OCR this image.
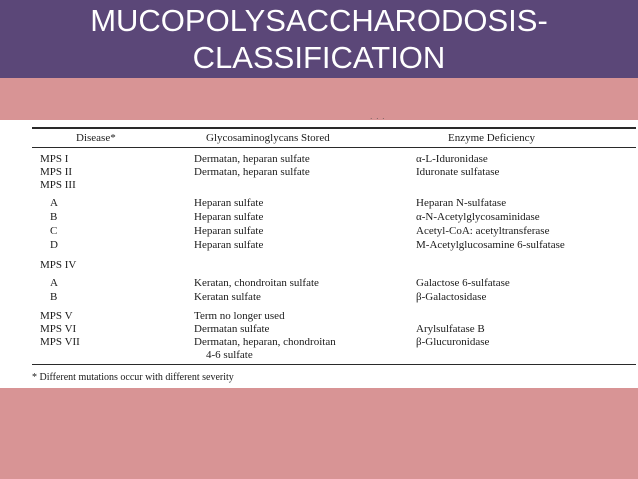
MUCOPOLYSACCHARODOSIS-
CLASSIFICATION
· · ·
Disease*	Glycosaminoglycans Stored	Enzyme Deficiency
MPS I	Dermatan, heparan sulfate	α-L-Iduronidase
MPS II	Dermatan, heparan sulfate	Iduronate sulfatase
MPS III
A	Heparan sulfate	Heparan N-sulfatase
B	Heparan sulfate	α-N-Acetylglycosaminidase
C	Heparan sulfate	Acetyl-CoA: acetyltransferase
D	Heparan sulfate	M-Acetylglucosamine 6-sulfatase
MPS IV
A	Keratan, chondroitan sulfate	Galactose 6-sulfatase
B	Keratan sulfate	β-Galactosidase
MPS V	Term no longer used
MPS VI	Dermatan sulfate	Arylsulfatase B
MPS VII	Dermatan, heparan, chondroitan	β-Glucuronidase
4-6 sulfate
* Different mutations occur with different severity
